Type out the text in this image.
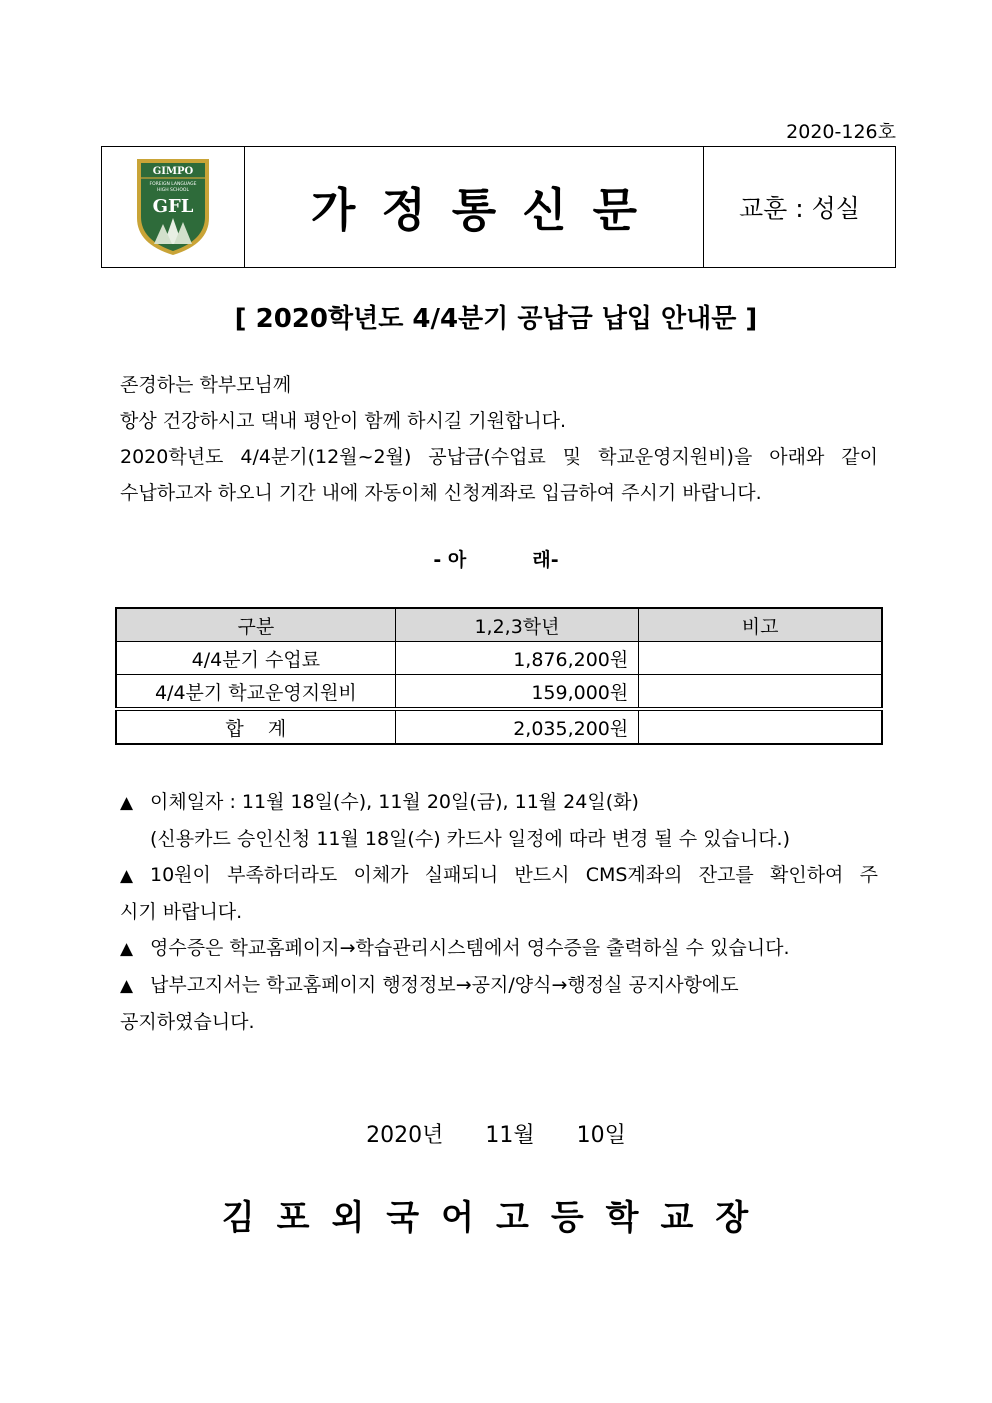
2020-126호
GIMPO
FOREIGN LANGUAGE
HIGH SCHOOL
GFL	가정통신문	교훈 : 성실
[ 2020학년도 4/4분기 공납금 납입 안내문 ]

존경하는 학부모님께

항상 건강하시고 댁내 평안이 함께 하시길 기원합니다.

2020학년도 4/4분기(12월~2월) 공납금(수업료 및 학교운영지원비)을 아래와 같이

수납하고자 하오니 기간 내에 자동이체 신청계좌로 입금하여 주시기 바랍니다.

- 아          래-
구분	1,2,3학년	비고
4/4분기 수업료	1,876,200원	
4/4분기 학교운영지원비	159,000원	
합    계	2,035,200원	

▲ 이체일자 : 11월 18일(수), 11월 20일(금), 11월 24일(화)

(신용카드 승인신청 11월 18일(수) 카드사 일정에 따라 변경 될 수 있습니다.)

▲ 10원이 부족하더라도 이체가 실패되니 반드시 CMS계좌의 잔고를 확인하여 주

시기 바랍니다.

▲ 영수증은 학교홈페이지→학습관리시스템에서 영수증을 출력하실 수 있습니다.

▲ 납부고지서는 학교홈페이지 행정정보→공지/양식→행정실 공지사항에도

공지하였습니다.

2020년  11월  10일
김포외국어고등학교장
